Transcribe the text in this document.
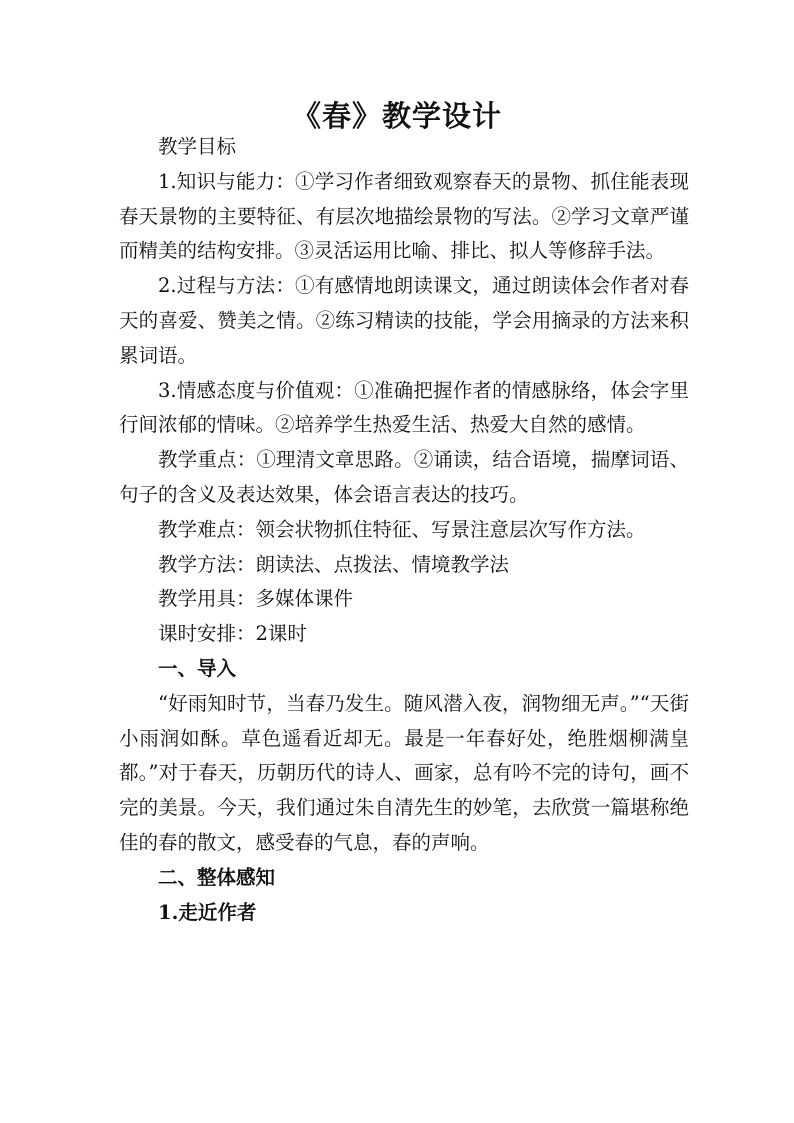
《春》教学设计

教学目标

1.知识与能力：①学习作者细致观察春天的景物、抓住能表现春天景物的主要特征、有层次地描绘景物的写法。②学习文章严谨而精美的结构安排。③灵活运用比喻、排比、拟人等修辞手法。

2.过程与方法：①有感情地朗读课文，通过朗读体会作者对春天的喜爱、赞美之情。②练习精读的技能，学会用摘录的方法来积累词语。

3.情感态度与价值观：①准确把握作者的情感脉络，体会字里行间浓郁的情味。②培养学生热爱生活、热爱大自然的感情。

教学重点：①理清文章思路。②诵读，结合语境，揣摩词语、句子的含义及表达效果，体会语言表达的技巧。

教学难点：领会状物抓住特征、写景注意层次写作方法。

教学方法：朗读法、点拨法、情境教学法

教学用具：多媒体课件

课时安排：2课时

一、导入

“好雨知时节，当春乃发生。随风潜入夜，润物细无声。”“天街小雨润如酥。草色遥看近却无。最是一年春好处，绝胜烟柳满皇都。”对于春天，历朝历代的诗人、画家，总有吟不完的诗句，画不完的美景。今天，我们通过朱自清先生的妙笔，去欣赏一篇堪称绝佳的春的散文，感受春的气息，春的声响。

二、整体感知

1.走近作者
